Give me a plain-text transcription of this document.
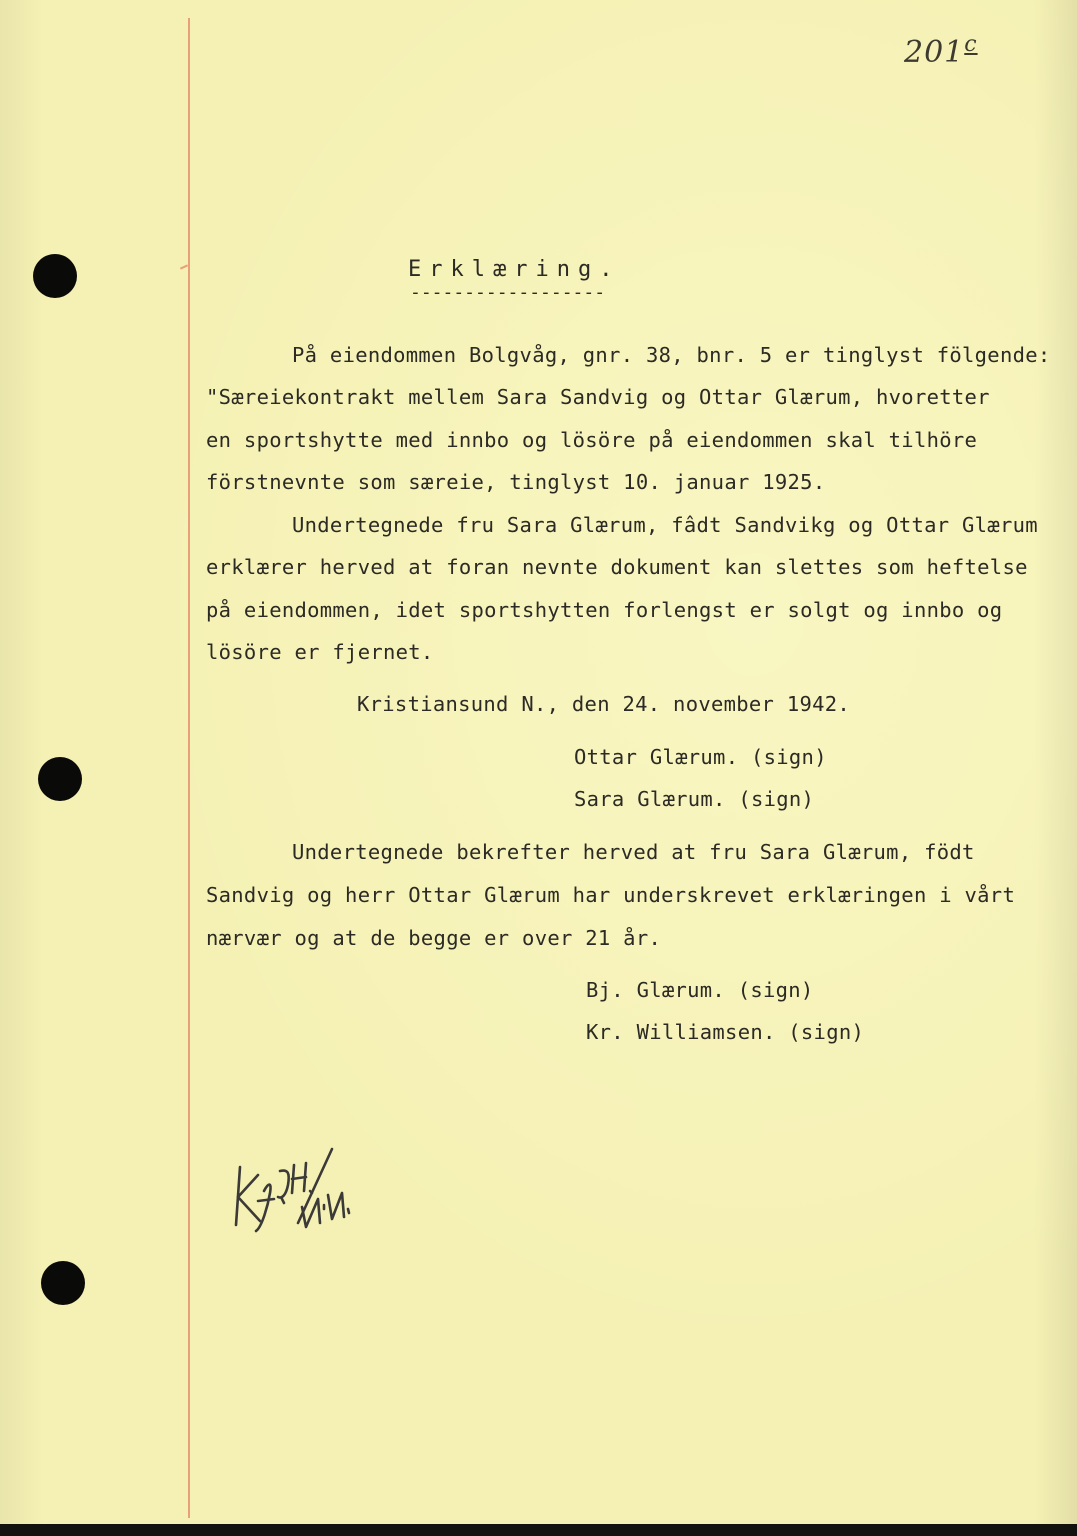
201$^c$
Erklæring.
------------------
På eiendommen Bolgvåg, gnr. 38, bnr. 5 er tinglyst fölgende:
"Særeiekontrakt mellem Sara Sandvig og Ottar Glærum, hvoretter
en sportshytte med innbo og lösöre på eiendommen skal tilhöre
förstnevnte som særeie, tinglyst 10. januar 1925.
Undertegnede fru Sara Glærum, fâdt Sandvikg og Ottar Glærum
erklærer herved at foran nevnte dokument kan slettes som heftelse
på eiendommen, idet sportshytten forlengst er solgt og innbo og
lösöre er fjernet.
Kristiansund N., den 24. november 1942.
Ottar Glærum. (sign)
Sara Glærum. (sign)
Undertegnede bekrefter herved at fru Sara Glærum, födt
Sandvig og herr Ottar Glærum har underskrevet erklæringen i vårt
nærvær og at de begge er over 21 år.
Bj. Glærum. (sign)
Kr. Williamsen. (sign)
